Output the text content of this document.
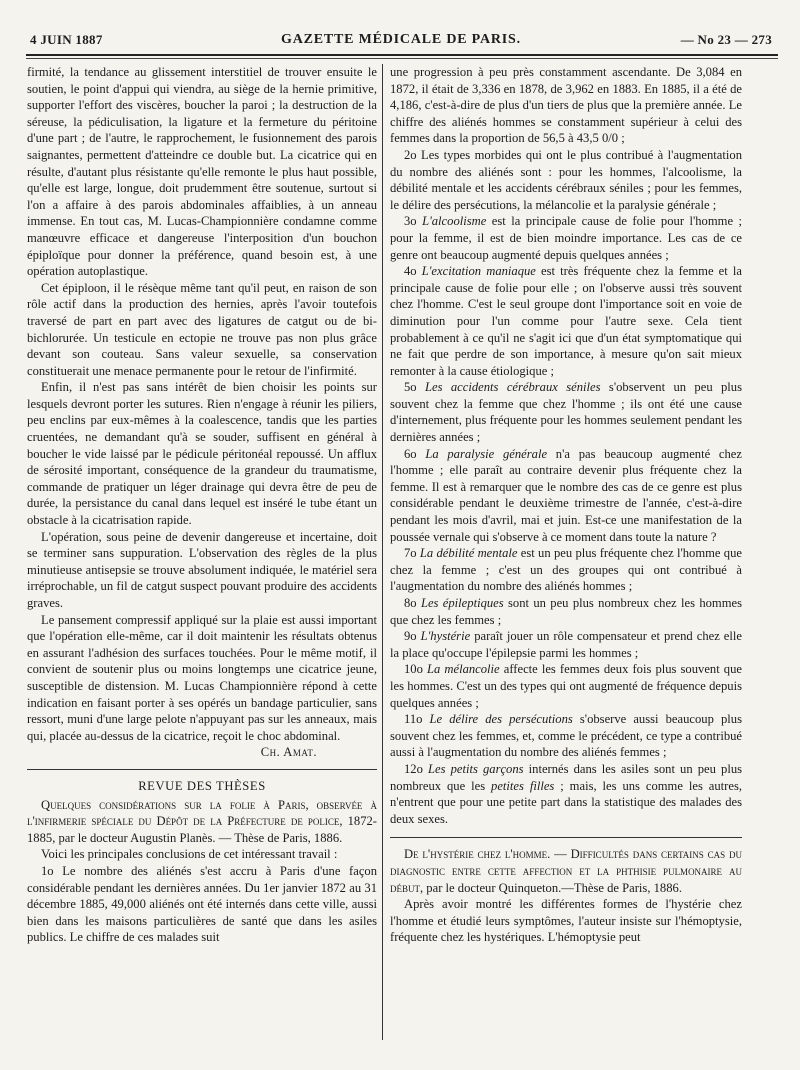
4 JUIN 1887	GAZETTE MÉDICALE DE PARIS.	— No 23 — 273

firmité, la tendance au glissement interstitiel de trouver ensuite le soutien, le point d'appui qui viendra, au siège de la hernie primitive, supporter l'effort des viscères, boucher la paroi ; la destruction de la séreuse, la pédiculisation, la ligature et la fermeture du péritoine d'une part ; de l'autre, le rapprochement, le fusionnement des parois saignantes, permettent d'atteindre ce double but. La cicatrice qui en résulte, d'autant plus résistante qu'elle remonte le plus haut possible, qu'elle est large, longue, doit prudemment être soutenue, surtout si l'on a affaire à des parois abdominales affaiblies, à un anneau immense. En tout cas, M. Lucas-Championnière condamne comme manœuvre efficace et dangereuse l'interposition d'un bouchon épiploïque pour donner la préférence, quand besoin est, à une opération autoplastique.

Cet épiploon, il le résèque même tant qu'il peut, en raison de son rôle actif dans la production des hernies, après l'avoir toutefois traversé de part en part avec des ligatures de catgut ou de bi-bichlorurée. Un testicule en ectopie ne trouve pas non plus grâce devant son couteau. Sans valeur sexuelle, sa conservation constituerait une menace permanente pour le retour de l'infirmité.

Enfin, il n'est pas sans intérêt de bien choisir les points sur lesquels devront porter les sutures. Rien n'engage à réunir les piliers, peu enclins par eux-mêmes à la coalescence, tandis que les parties cruentées, ne demandant qu'à se souder, suffisent en général à boucher le vide laissé par le pédicule péritonéal repoussé. Un afflux de sérosité important, conséquence de la grandeur du traumatisme, commande de pratiquer un léger drainage qui devra être de peu de durée, la persistance du canal dans lequel est inséré le tube étant un obstacle à la cicatrisation rapide.

L'opération, sous peine de devenir dangereuse et incertaine, doit se terminer sans suppuration. L'observation des règles de la plus minutieuse antisepsie se trouve absolument indiquée, le matériel sera irréprochable, un fil de catgut suspect pouvant produire des accidents graves.

Le pansement compressif appliqué sur la plaie est aussi important que l'opération elle-même, car il doit maintenir les résultats obtenus en assurant l'adhésion des surfaces touchées. Pour le même motif, il convient de soutenir plus ou moins longtemps une cicatrice jeune, susceptible de distension. M. Lucas Championnière répond à cette indication en faisant porter à ses opérés un bandage particulier, sans ressort, muni d'une large pelote n'appuyant pas sur les anneaux, mais qui, placée au-dessus de la cicatrice, reçoit le choc abdominal.

Ch. Amat.

REVUE DES THÈSES

Quelques considérations sur la folie à Paris, observée à l'infirmerie spéciale du Dépôt de la Préfecture de police, 1872-1885, par le docteur Augustin Planès. — Thèse de Paris, 1886.

Voici les principales conclusions de cet intéressant travail :

1o Le nombre des aliénés s'est accru à Paris d'une façon considérable pendant les dernières années. Du 1er janvier 1872 au 31 décembre 1885, 49,000 aliénés ont été internés dans cette ville, aussi bien dans les maisons particulières de santé que dans les asiles publics. Le chiffre de ces malades suit

une progression à peu près constamment ascendante. De 3,084 en 1872, il était de 3,336 en 1878, de 3,962 en 1883. En 1885, il a été de 4,186, c'est-à-dire de plus d'un tiers de plus que la première année. Le chiffre des aliénés hommes se constamment supérieur à celui des femmes dans la proportion de 56,5 à 43,5 0/0 ;

2o Les types morbides qui ont le plus contribué à l'augmentation du nombre des aliénés sont : pour les hommes, l'alcoolisme, la débilité mentale et les accidents cérébraux séniles ; pour les femmes, le délire des persécutions, la mélancolie et la paralysie générale ;

3o L'alcoolisme est la principale cause de folie pour l'homme ; pour la femme, il est de bien moindre importance. Les cas de ce genre ont beaucoup augmenté depuis quelques années ;

4o L'excitation maniaque est très fréquente chez la femme et la principale cause de folie pour elle ; on l'observe aussi très souvent chez l'homme. C'est le seul groupe dont l'importance soit en voie de diminution pour l'un comme pour l'autre sexe. Cela tient probablement à ce qu'il ne s'agit ici que d'un état symptomatique qui ne fait que perdre de son importance, à mesure qu'on sait mieux remonter à la cause étiologique ;

5o Les accidents cérébraux séniles s'observent un peu plus souvent chez la femme que chez l'homme ; ils ont été une cause d'internement, plus fréquente pour les hommes seulement pendant les dernières années ;

6o La paralysie générale n'a pas beaucoup augmenté chez l'homme ; elle paraît au contraire devenir plus fréquente chez la femme. Il est à remarquer que le nombre des cas de ce genre est plus considérable pendant le deuxième trimestre de l'année, c'est-à-dire pendant les mois d'avril, mai et juin. Est-ce une manifestation de la poussée vernale qui s'observe à ce moment dans toute la nature ?

7o La débilité mentale est un peu plus fréquente chez l'homme que chez la femme ; c'est un des groupes qui ont contribué à l'augmentation du nombre des aliénés hommes ;

8o Les épileptiques sont un peu plus nombreux chez les hommes que chez les femmes ;

9o L'hystérie paraît jouer un rôle compensateur et prend chez elle la place qu'occupe l'épilepsie parmi les hommes ;

10o La mélancolie affecte les femmes deux fois plus souvent que les hommes. C'est un des types qui ont augmenté de fréquence depuis quelques années ;

11o Le délire des persécutions s'observe aussi beaucoup plus souvent chez les femmes, et, comme le précédent, ce type a contribué aussi à l'augmentation du nombre des aliénés femmes ;

12o Les petits garçons internés dans les asiles sont un peu plus nombreux que les petites filles ; mais, les uns comme les autres, n'entrent que pour une petite part dans la statistique des malades des deux sexes.

De l'hystérie chez l'homme. — Difficultés dans certains cas du diagnostic entre cette affection et la phthisie pulmonaire au début, par le docteur Quinqueton.—Thèse de Paris, 1886.

Après avoir montré les différentes formes de l'hystérie chez l'homme et étudié leurs symptômes, l'auteur insiste sur l'hémoptysie, fréquente chez les hystériques. L'hémoptysie peut
